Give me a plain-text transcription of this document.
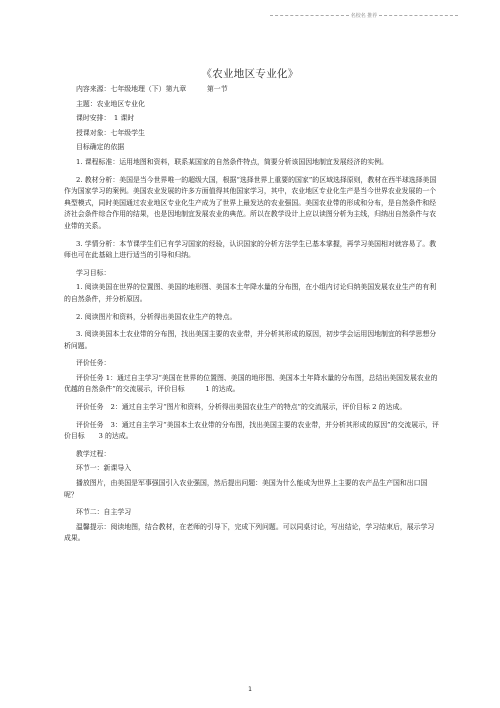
名校名 推荐
《农业地区专业化》

内容来源：七年级地理（下）第九章　　　第一节

主题：农业地区专业化

课时安排：　1 课时

授课对象：七年级学生

目标确定的依据

1. 课程标准：运用地图和资料，联系某国家的自然条件特点，简要分析该国因地制宜发展经济的实例。

2. 教材分析：美国是当今世界唯一的超级大国，根据“选择世界上重要的国家”的区域选择原则，教材在西半球选择美国作为国家学习的案例。美国农业发展的许多方面值得其他国家学习，其中，农业地区专业化生产是当今世界农业发展的一个典型模式，同时美国通过农业地区专业化生产成为了世界上最发达的农业强国。美国农业带的形成和分布，是自然条件和经济社会条件综合作用的结果，也是因地制宜发展农业的典范。所以在教学设计上应以读图分析为主线，归纳出自然条件与农业带的关系。

3. 学情分析：本节课学生们已有学习国家的经验，认识国家的分析方法学生已基本掌握，再学习美国相对就容易了。教师也可在此基础上进行适当的引导和归纳。

学习目标：

1. 阅读美国在世界的位置图、美国的地形图、美国本土年降水量的分布图，在小组内讨论归纳美国发展农业生产的有利的自然条件，并分析原因。

2. 阅读图片和资料，分析得出美国农业生产的特点。

3. 阅读美国本土农业带的分布图，找出美国主要的农业带，并分析其形成的原因，初步学会运用因地制宜的科学思想分析问题。

评价任务：

评价任务 1：通过自主学习“美国在世界的位置图、美国的地形图、美国本土年降水量的分布图，总结出美国发展农业的优越的自然条件”的交流展示，评价目标　　　1 的达成。

评价任务　2：通过自主学习“图片和资料，分析得出美国农业生产的特点”的交流展示，评价目标 2 的达成。

评价任务　3：通过自主学习“美国本土农业带的分布图，找出美国主要的农业带，并分析其形成的原因”的交流展示，评价目标　　3 的达成。

教学过程：

环节一：新课导入

播放图片，由美国是军事强国引入农业强国，然后提出问题：美国为什么能成为世界上主要的农产品生产国和出口国呢？

环节二：自主学习

温馨提示：阅读地图，结合教材，在老师的引导下，完成下列问题。可以同桌讨论，写出结论，学习结束后，展示学习成果。

1
